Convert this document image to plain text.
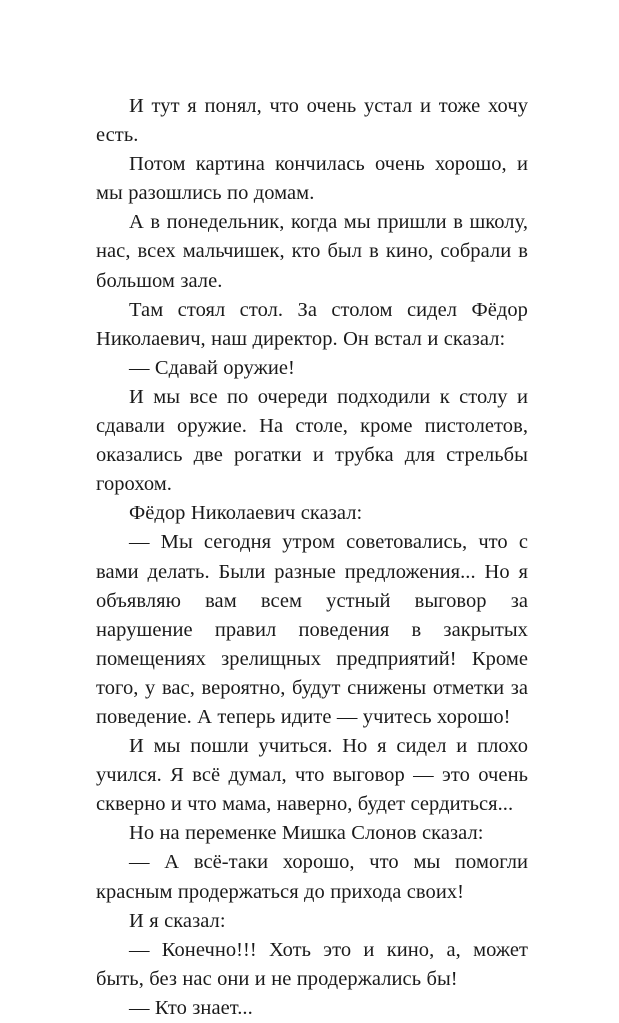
И тут я понял, что очень устал и тоже хочу есть.

Потом картина кончилась очень хорошо, и мы разошлись по домам.

А в понедельник, когда мы пришли в школу, нас, всех мальчишек, кто был в кино, собрали в большом зале.

Там стоял стол. За столом сидел Фёдор Николаевич, наш директор. Он встал и сказал:

— Сдавай оружие!

И мы все по очереди подходили к столу и сдавали оружие. На столе, кроме пистолетов, оказались две рогатки и трубка для стрельбы горохом.

Фёдор Николаевич сказал:

— Мы сегодня утром советовались, что с вами делать. Были разные предложения... Но я объявляю вам всем устный выговор за нарушение правил поведения в закрытых помещениях зрелищных предприятий! Кроме того, у вас, вероятно, будут снижены отметки за поведение. А теперь идите — учитесь хорошо!

И мы пошли учиться. Но я сидел и плохо учился. Я всё думал, что выговор — это очень скверно и что мама, наверно, будет сердиться...

Но на переменке Мишка Слонов сказал:

— А всё-таки хорошо, что мы помогли красным продержаться до прихода своих!

И я сказал:

— Конечно!!! Хоть это и кино, а, может быть, без нас они и не продержались бы!

— Кто знает...
